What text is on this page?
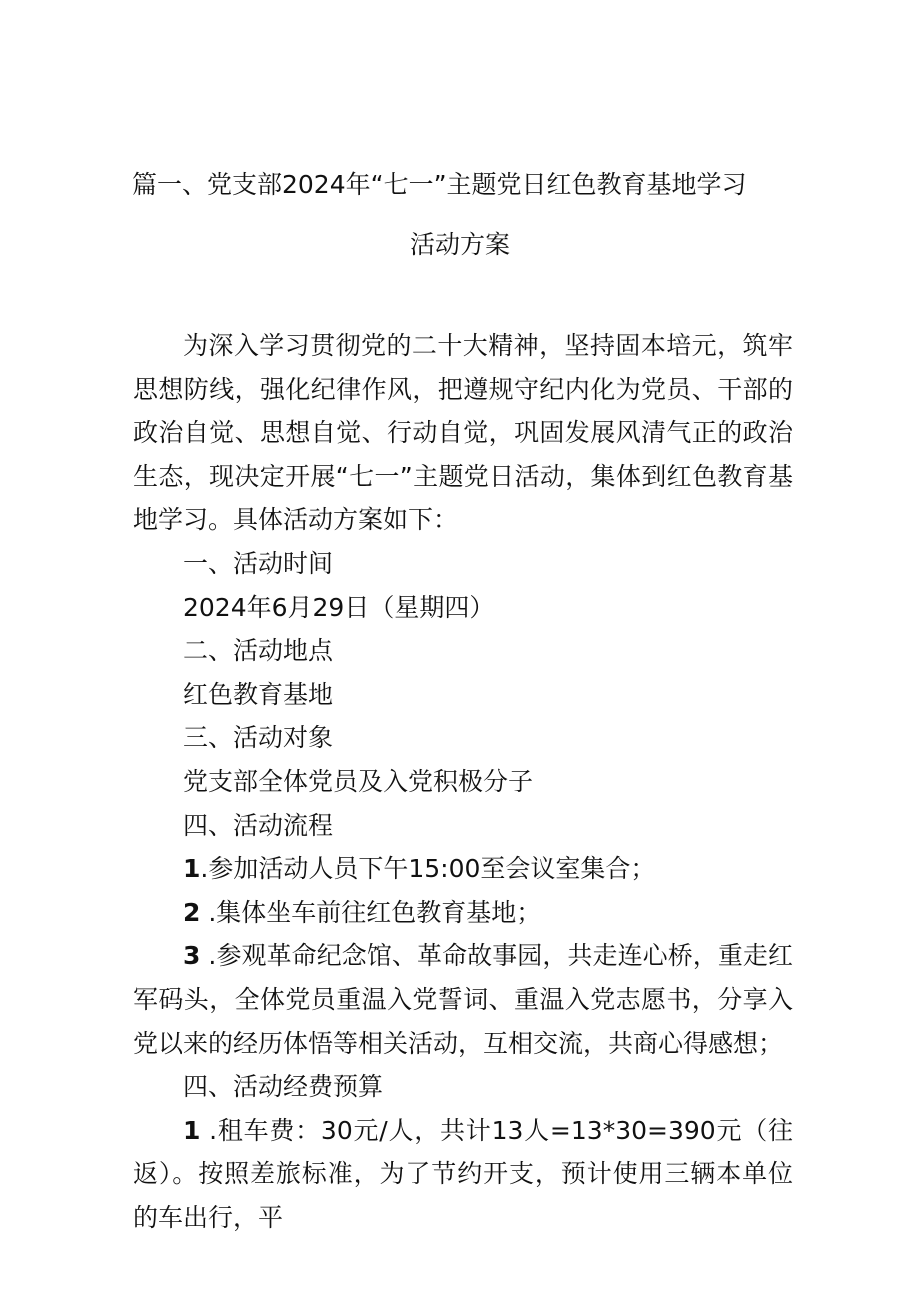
篇一、党支部2024年“七一”主题党日红色教育基地学习
活动方案

为深入学习贯彻党的二十大精神，坚持固本培元，筑牢思想防线，强化纪律作风，把遵规守纪内化为党员、干部的政治自觉、思想自觉、行动自觉，巩固发展风清气正的政治生态，现决定开展“七一”主题党日活动，集体到红色教育基地学习。具体活动方案如下：

一、活动时间

2024年6月29日（星期四）

二、活动地点

红色教育基地

三、活动对象

党支部全体党员及入党积极分子

四、活动流程

1.参加活动人员下午15:00至会议室集合；

2 .集体坐车前往红色教育基地；

3 .参观革命纪念馆、革命故事园，共走连心桥，重走红军码头，全体党员重温入党誓词、重温入党志愿书，分享入党以来的经历体悟等相关活动，互相交流，共商心得感想；

四、活动经费预算

1 .租车费：30元/人，共计13人=13*30=390元（往返）。按照差旅标准，为了节约开支，预计使用三辆本单位的车出行，平
